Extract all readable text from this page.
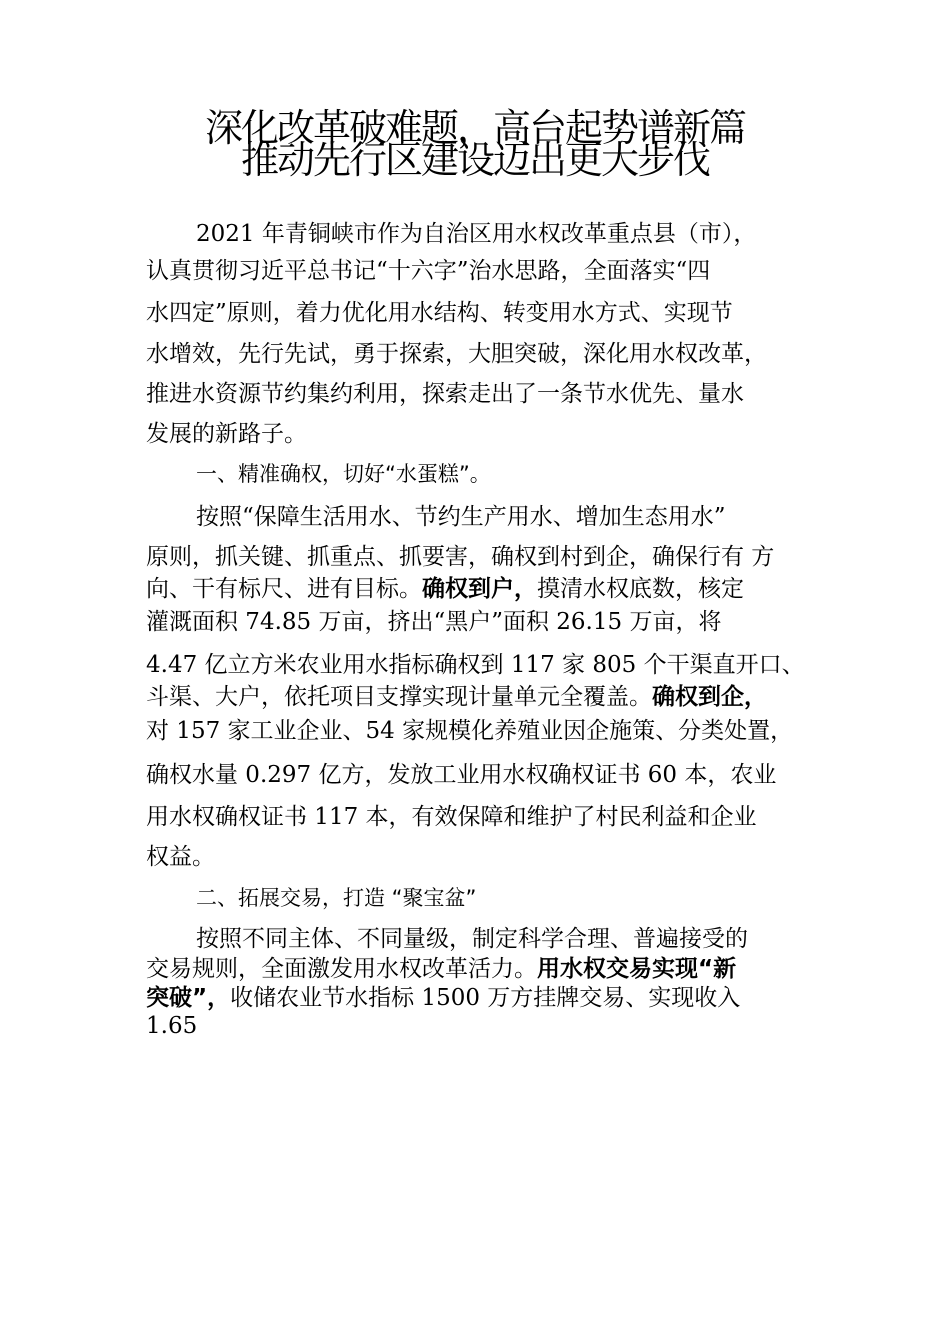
深化改革破难题，高台起势谱新篇
推动先行区建设迈出更大步伐
2021 年青铜峡市作为自治区用水权改革重点县（市），
认真贯彻习近平总书记“十六字”治水思路，全面落实“四
水四定”原则，着力优化用水结构、转变用水方式、实现节
水增效，先行先试，勇于探索，大胆突破，深化用水权改革，
推进水资源节约集约利用，探索走出了一条节水优先、量水
发展的新路子。
一、精准确权，切好“水蛋糕”。
按照“保障生活用水、节约生产用水、增加生态用水”
原则，抓关键、抓重点、抓要害，确权到村到企，确保行有 方
向、干有标尺、进有目标。确权到户，摸清水权底数，核定
灌溉面积 74.85 万亩，挤出“黑户”面积 26.15 万亩，将
4.47 亿立方米农业用水指标确权到 117 家 805 个干渠直开口、
斗渠、大户，依托项目支撑实现计量单元全覆盖。确权到企，
对 157 家工业企业、54 家规模化养殖业因企施策、分类处置，
确权水量 0.297 亿方，发放工业用水权确权证书 60 本，农业
用水权确权证书 117 本，有效保障和维护了村民利益和企业
权益。
二、拓展交易，打造 “聚宝盆”
按照不同主体、不同量级，制定科学合理、普遍接受的
交易规则，全面激发用水权改革活力。用水权交易实现“新
突破”，收储农业节水指标 1500 万方挂牌交易、实现收入
1.65
